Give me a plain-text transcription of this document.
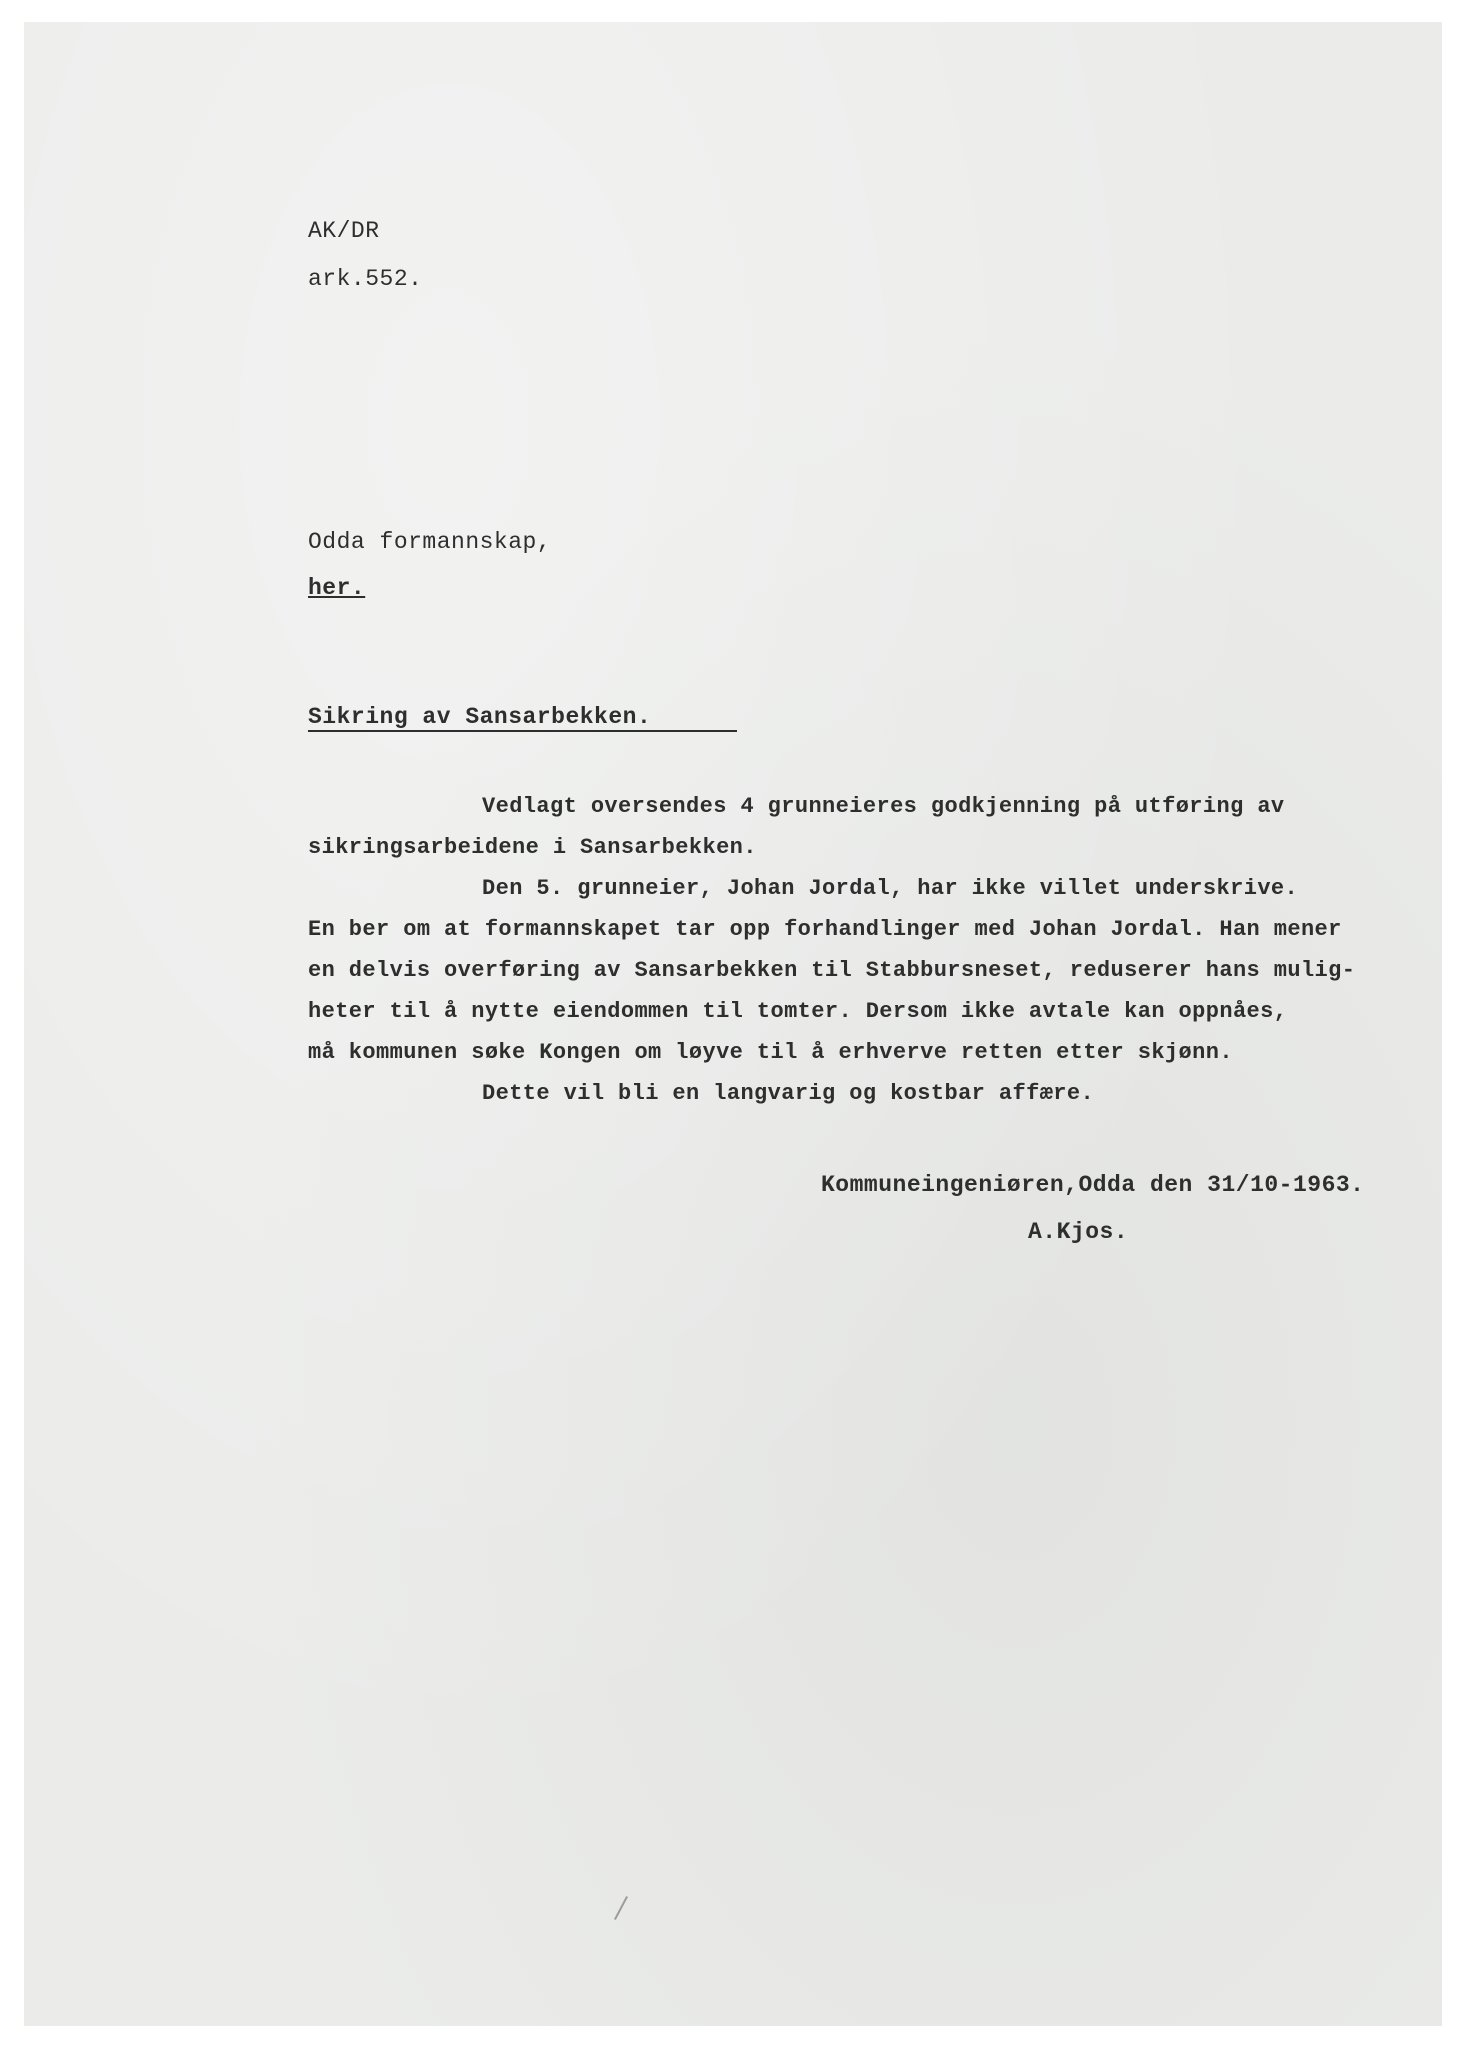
AK/DR
ark.552.
Odda formannskap,
her.
Sikring av Sansarbekken.
Vedlagt oversendes 4 grunneieres godkjenning på utføring av
sikringsarbeidene i Sansarbekken.
Den 5. grunneier, Johan Jordal, har ikke villet underskrive.
En ber om at formannskapet tar opp forhandlinger med Johan Jordal. Han mener
en delvis overføring av Sansarbekken til Stabbursneset, reduserer hans mulig-
heter til å nytte eiendommen til tomter. Dersom ikke avtale kan oppnåes,
må kommunen søke Kongen om løyve til å erhverve retten etter skjønn.
Dette vil bli en langvarig og kostbar affære.
Kommuneingeniøren,Odda den 31/10-1963.
A.Kjos.
